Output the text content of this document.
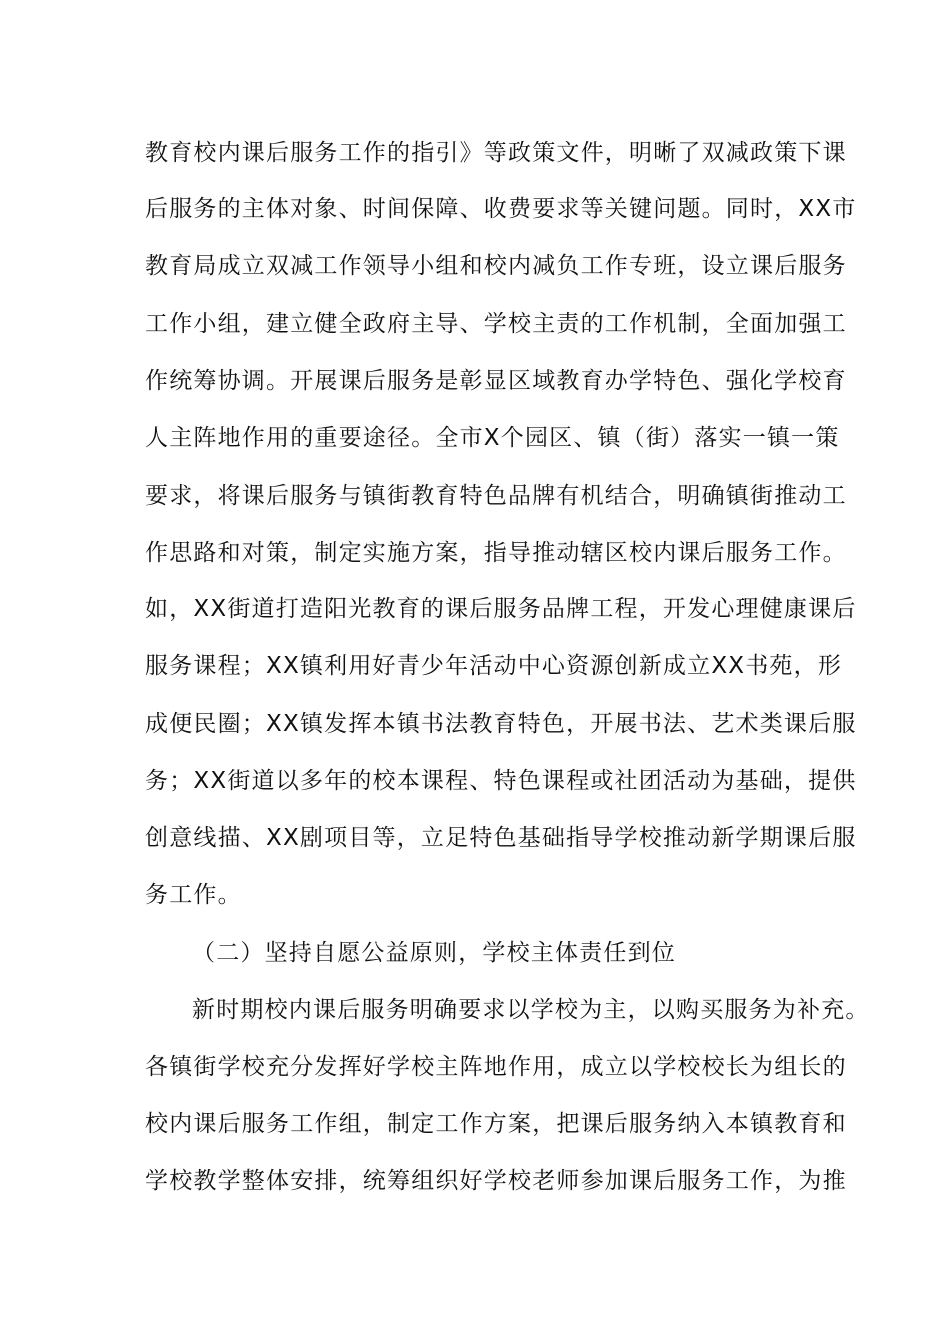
教育校内课后服务工作的指引》等政策文件，明晰了双减政策下课
后服务的主体对象、时间保障、收费要求等关键问题。同时，XX市
教育局成立双减工作领导小组和校内减负工作专班，设立课后服务
工作小组，建立健全政府主导、学校主责的工作机制，全面加强工
作统筹协调。开展课后服务是彰显区域教育办学特色、强化学校育
人主阵地作用的重要途径。全市X个园区、镇（街）落实一镇一策
要求，将课后服务与镇街教育特色品牌有机结合，明确镇街推动工
作思路和对策，制定实施方案，指导推动辖区校内课后服务工作。
如，XX街道打造阳光教育的课后服务品牌工程，开发心理健康课后
服务课程；XX镇利用好青少年活动中心资源创新成立XX书苑，形
成便民圈；XX镇发挥本镇书法教育特色，开展书法、艺术类课后服
务；XX街道以多年的校本课程、特色课程或社团活动为基础，提供
创意线描、XX剧项目等，立足特色基础指导学校推动新学期课后服
务工作。
（二）坚持自愿公益原则，学校主体责任到位
新时期校内课后服务明确要求以学校为主，以购买服务为补充。
各镇街学校充分发挥好学校主阵地作用，成立以学校校长为组长的
校内课后服务工作组，制定工作方案，把课后服务纳入本镇教育和
学校教学整体安排，统筹组织好学校老师参加课后服务工作，为推
